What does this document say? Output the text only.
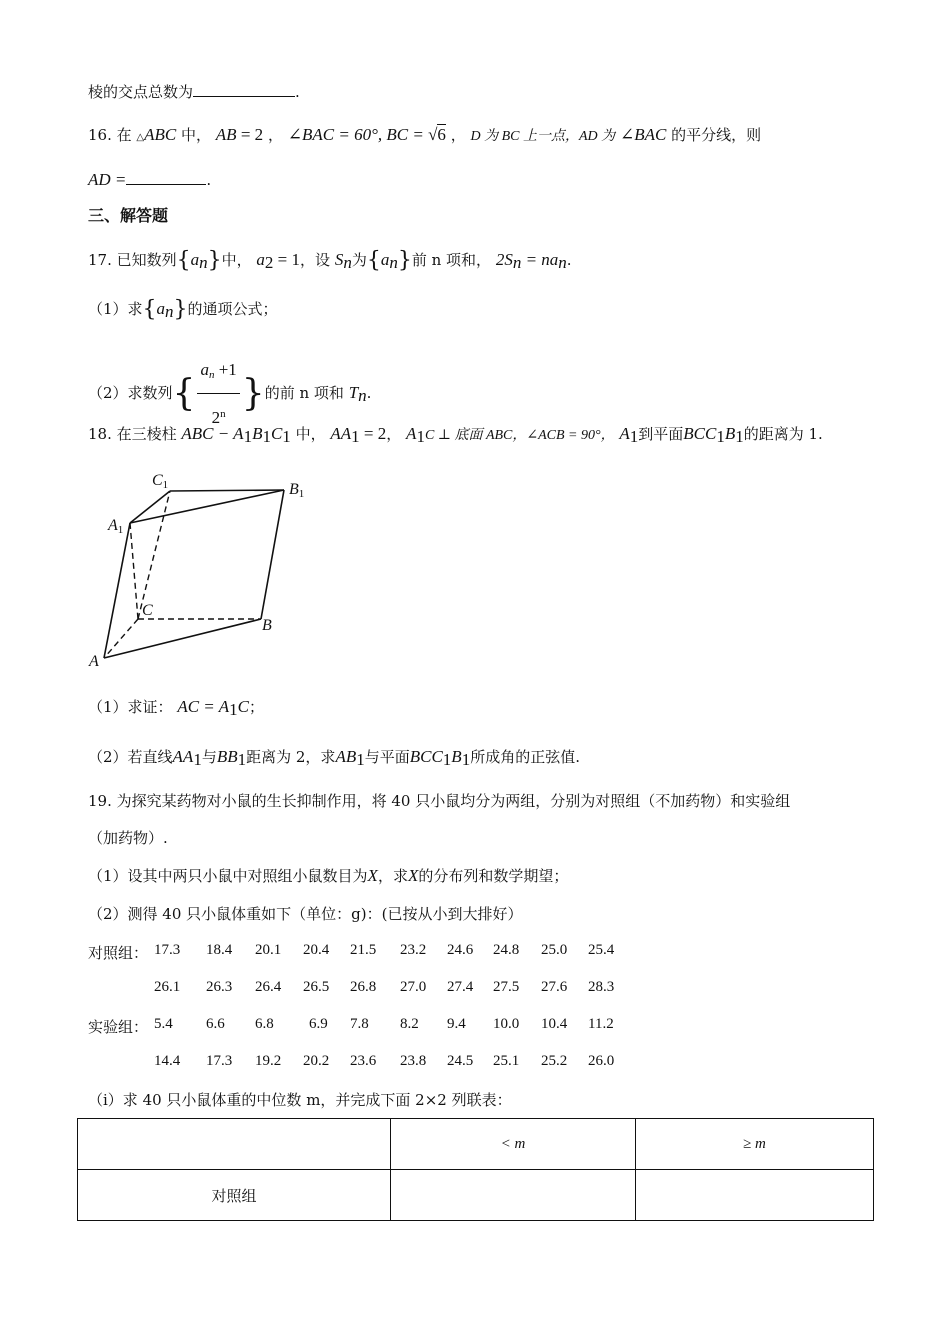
棱的交点总数为	.
16. 在 △ABC 中， AB = 2 ， ∠BAC = 60°, BC = √6 ， D 为 BC 上一点，AD 为 ∠BAC 的平分线，则
AD =	.
三、解答题
17. 已知数列$\{a_n\}$中， $a_2 = 1$，设 $S_n$为$\{a_n\}$前 n 项和， $2S_n = na_n$.
（1）求$\{a_n\}$的通项公式；
（2）求数列{ $\frac{a_n +1}{2^n}$ }的前 n 项和 $T_n$.
18. 在三棱柱 ABC − $A_1B_1C_1$ 中， $AA_1 = 2$， $A_1C$ ⊥ 底面 ABC，∠ACB = 90°， $A_1$到平面$BCC_1B_1$的距离为 1.
C1	B1
A1
C
B
A
（1）求证： AC = $A_1C$；
（2）若直线$AA_1$与$BB_1$距离为 2，求$AB_1$与平面$BCC_1B_1$所成角的正弦值.
19. 为探究某药物对小鼠的生长抑制作用，将 40 只小鼠均分为两组，分别为对照组（不加药物）和实验组
（加药物）.
（1）设其中两只小鼠中对照组小鼠数目为X，求X的分布列和数学期望；
（2）测得 40 只小鼠体重如下（单位：g)：(已按从小到大排好）
对照组： 17.3 18.4 20.1 20.4 21.5 23.2 24.6 24.8 25.0 25.4
26.1 26.3 26.4 26.5 26.8 27.0 27.4 27.5 27.6 28.3
实验组： 5.4 6.6 6.8 6.9 7.8 8.2 9.4 10.0 10.4 11.2
14.4 17.3 19.2 20.2 23.6 23.8 24.5 25.1 25.2 26.0
（i）求 40 只小鼠体重的中位数 m，并完成下面 2×2 列联表：
	< m	≥ m
对照组		
